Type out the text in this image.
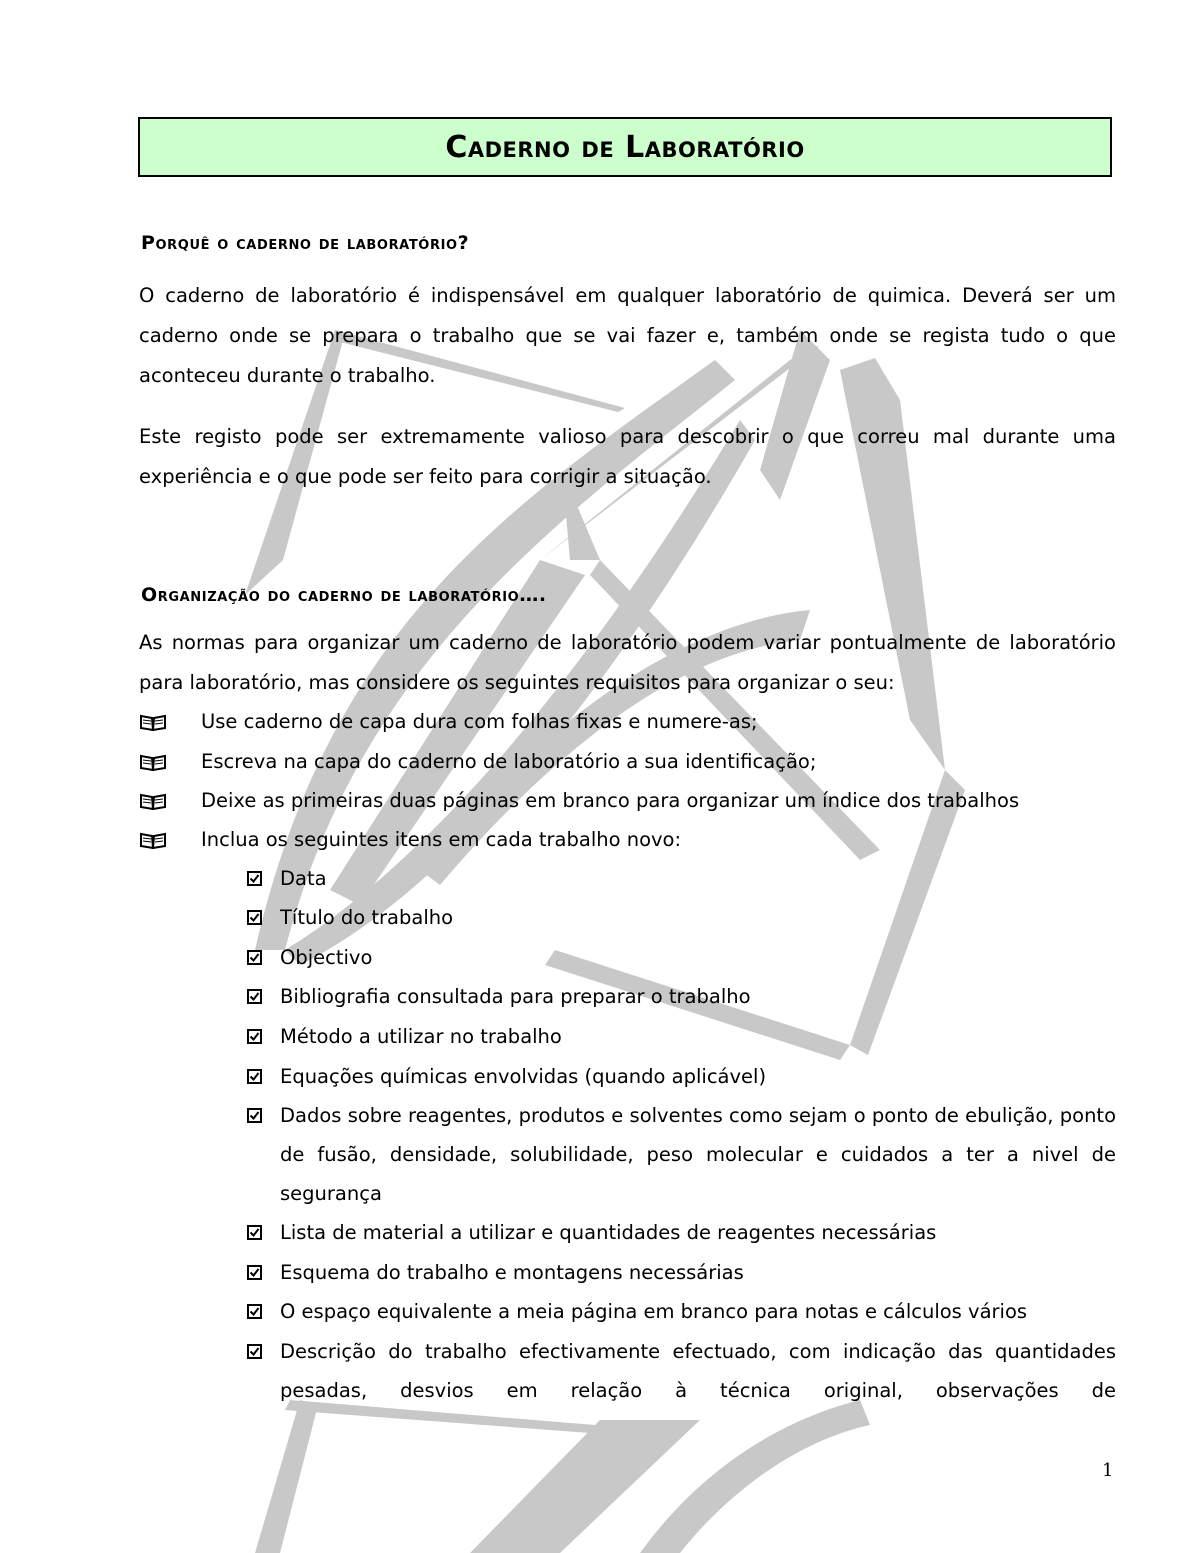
Caderno de Laboratório
Porquê o caderno de laboratório?
O caderno de laboratório é indispensável em qualquer laboratório de quimica. Deverá ser um caderno onde se prepara o trabalho que se vai fazer e, também onde se regista tudo o que aconteceu durante o trabalho.
Este registo pode ser extremamente valioso para descobrir o que correu mal durante uma experiência e o que pode ser feito para corrigir a situação.
Organização do caderno de laboratório….
As normas para organizar um caderno de laboratório podem variar pontualmente de laboratório para laboratório, mas considere os seguintes requisitos para organizar o seu:
Use caderno de capa dura com folhas fixas e numere-as;
Escreva na capa do caderno de laboratório a sua identificação;
Deixe as primeiras duas páginas em branco para organizar um índice dos trabalhos
Inclua os seguintes itens em cada trabalho novo:
Data
Título do trabalho
Objectivo
Bibliografia consultada para preparar o trabalho
Método a utilizar no trabalho
Equações químicas envolvidas (quando aplicável)
Dados sobre reagentes, produtos e solventes como sejam o ponto de ebulição, ponto de fusão, densidade, solubilidade, peso molecular e cuidados a ter a nivel de segurança
Lista de material a utilizar e quantidades de reagentes necessárias
Esquema do trabalho e montagens necessárias
O espaço equivalente a meia página em branco para notas e cálculos vários
Descrição do trabalho efectivamente efectuado, com indicação das quantidades pesadas, desvios em relação à técnica original, observações de
1
